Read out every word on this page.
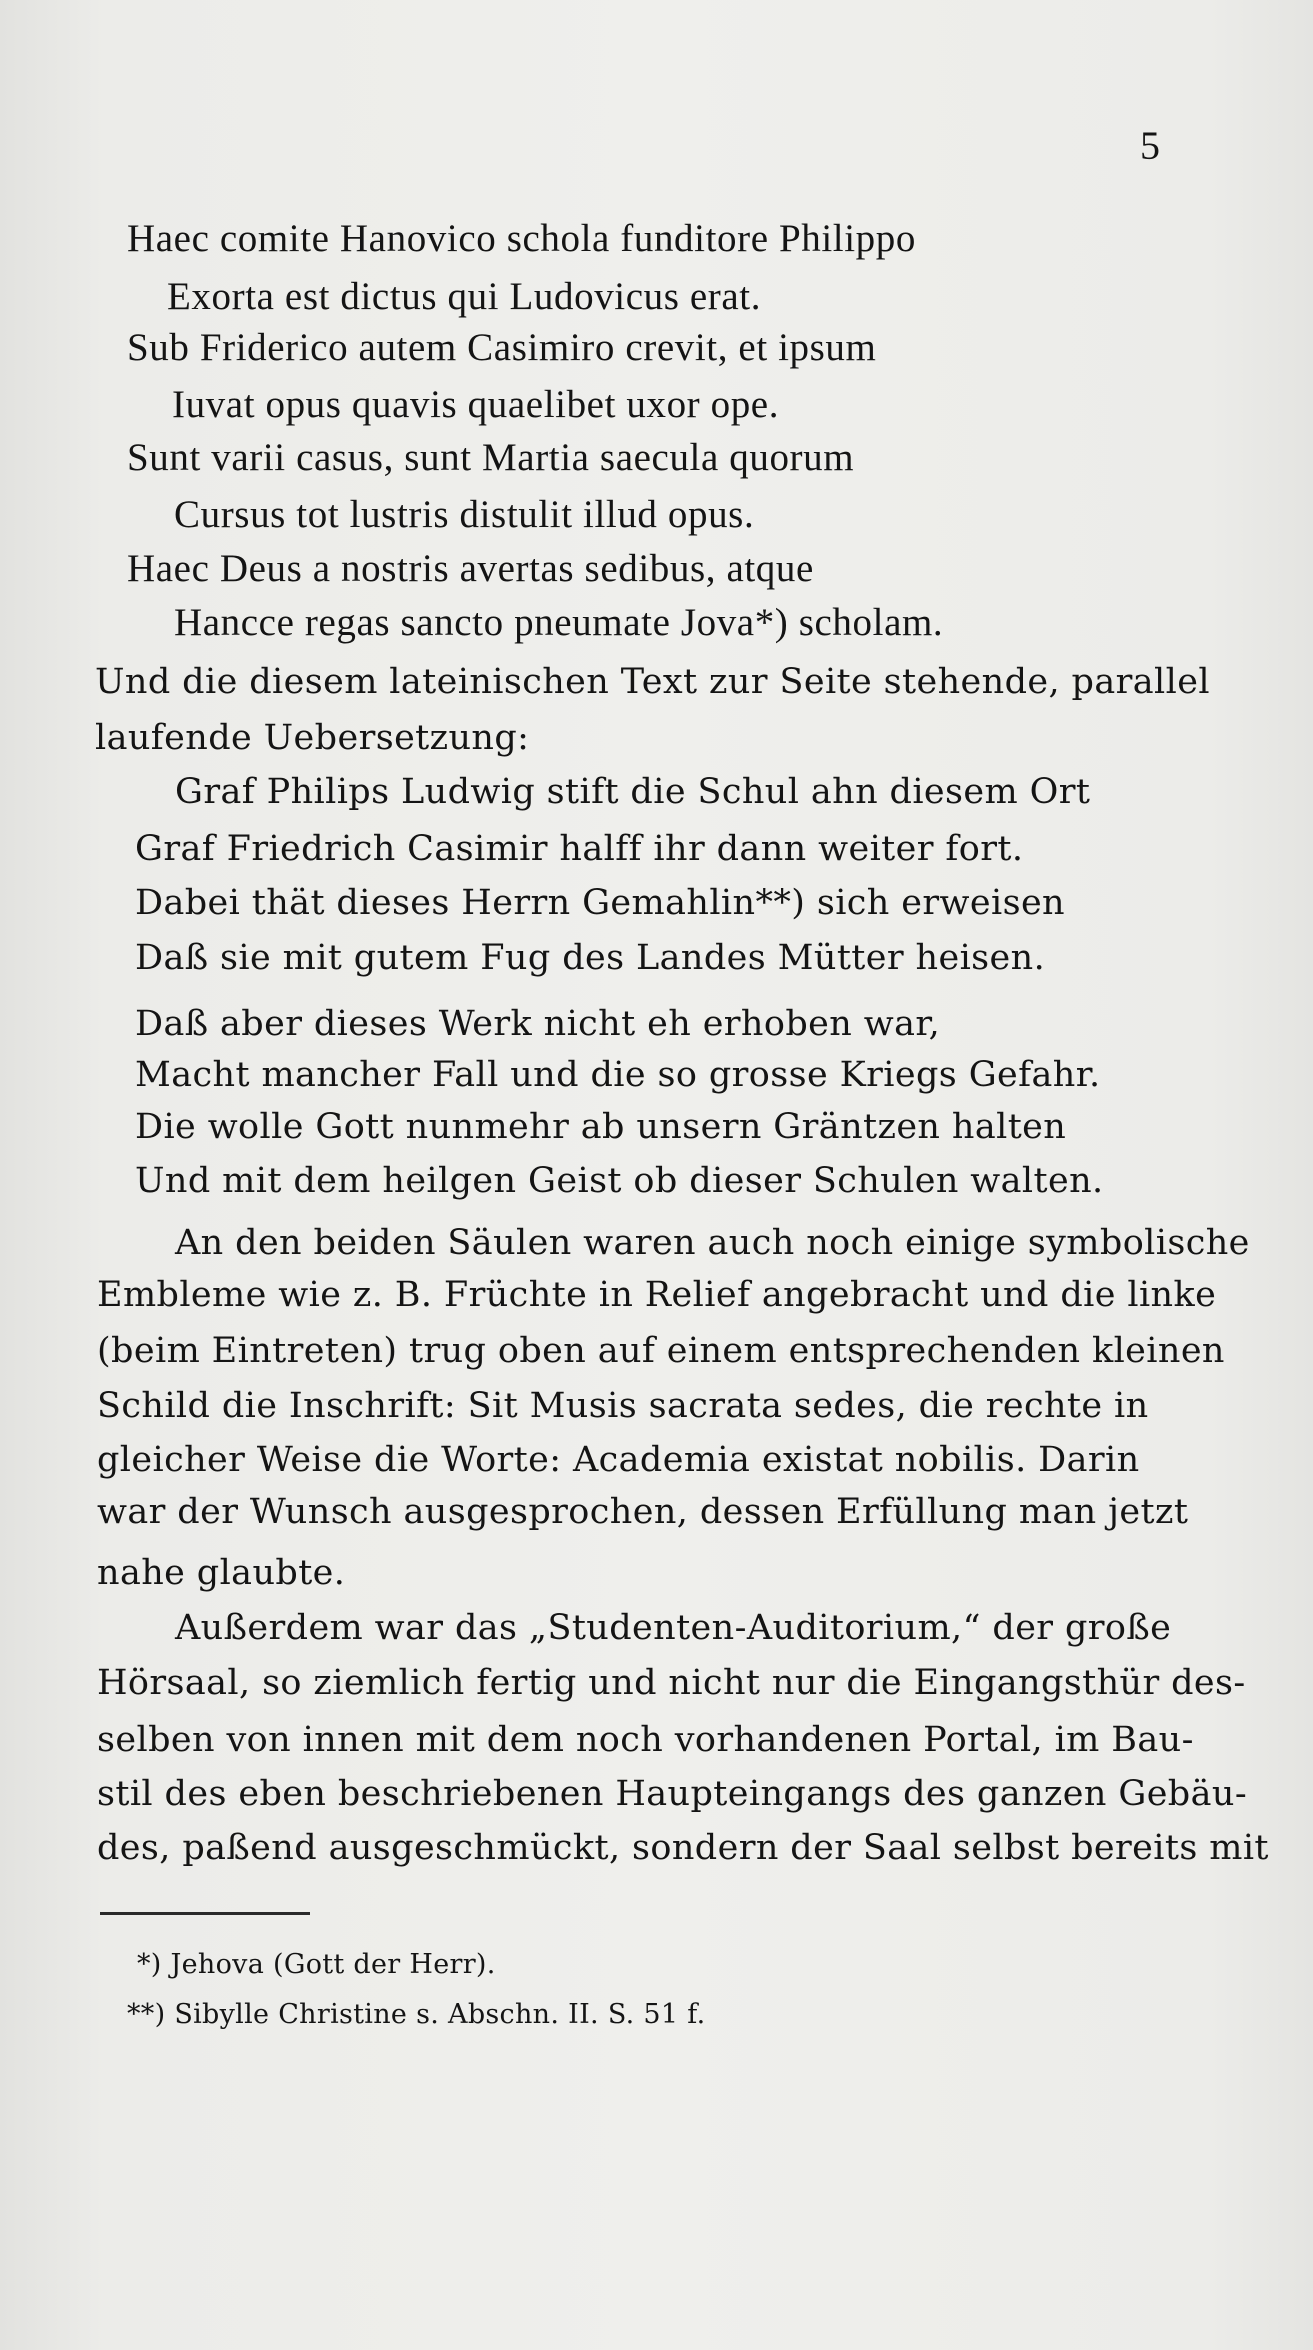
5
Haec comite Hanovico schola funditore Philippo
Exorta est dictus qui Ludovicus erat.
Sub Friderico autem Casimiro crevit, et ipsum
Iuvat opus quavis quaelibet uxor ope.
Sunt varii casus, sunt Martia saecula quorum
Cursus tot lustris distulit illud opus.
Haec Deus a nostris avertas sedibus, atque
Hancce regas sancto pneumate Jova*) scholam.
Und die diesem lateinischen Text zur Seite stehende, parallel
laufende Uebersetzung:
Graf Philips Ludwig stift die Schul ahn diesem Ort
Graf Friedrich Casimir halff ihr dann weiter fort.
Dabei thät dieses Herrn Gemahlin**) sich erweisen
Daß sie mit gutem Fug des Landes Mütter heisen.
Daß aber dieses Werk nicht eh erhoben war,
Macht mancher Fall und die so grosse Kriegs Gefahr.
Die wolle Gott nunmehr ab unsern Gräntzen halten
Und mit dem heilgen Geist ob dieser Schulen walten.
An den beiden Säulen waren auch noch einige symbolische
Embleme wie z. B. Früchte in Relief angebracht und die linke
(beim Eintreten) trug oben auf einem entsprechenden kleinen
Schild die Inschrift: Sit Musis sacrata sedes, die rechte in
gleicher Weise die Worte: Academia existat nobilis. Darin
war der Wunsch ausgesprochen, dessen Erfüllung man jetzt
nahe glaubte.
Außerdem war das „Studenten-Auditorium,“ der große
Hörsaal, so ziemlich fertig und nicht nur die Eingangsthür des-
selben von innen mit dem noch vorhandenen Portal, im Bau-
stil des eben beschriebenen Haupteingangs des ganzen Gebäu-
des, paßend ausgeschmückt, sondern der Saal selbst bereits mit
*) Jehova (Gott der Herr).
**) Sibylle Christine s. Abschn. II. S. 51 f.
